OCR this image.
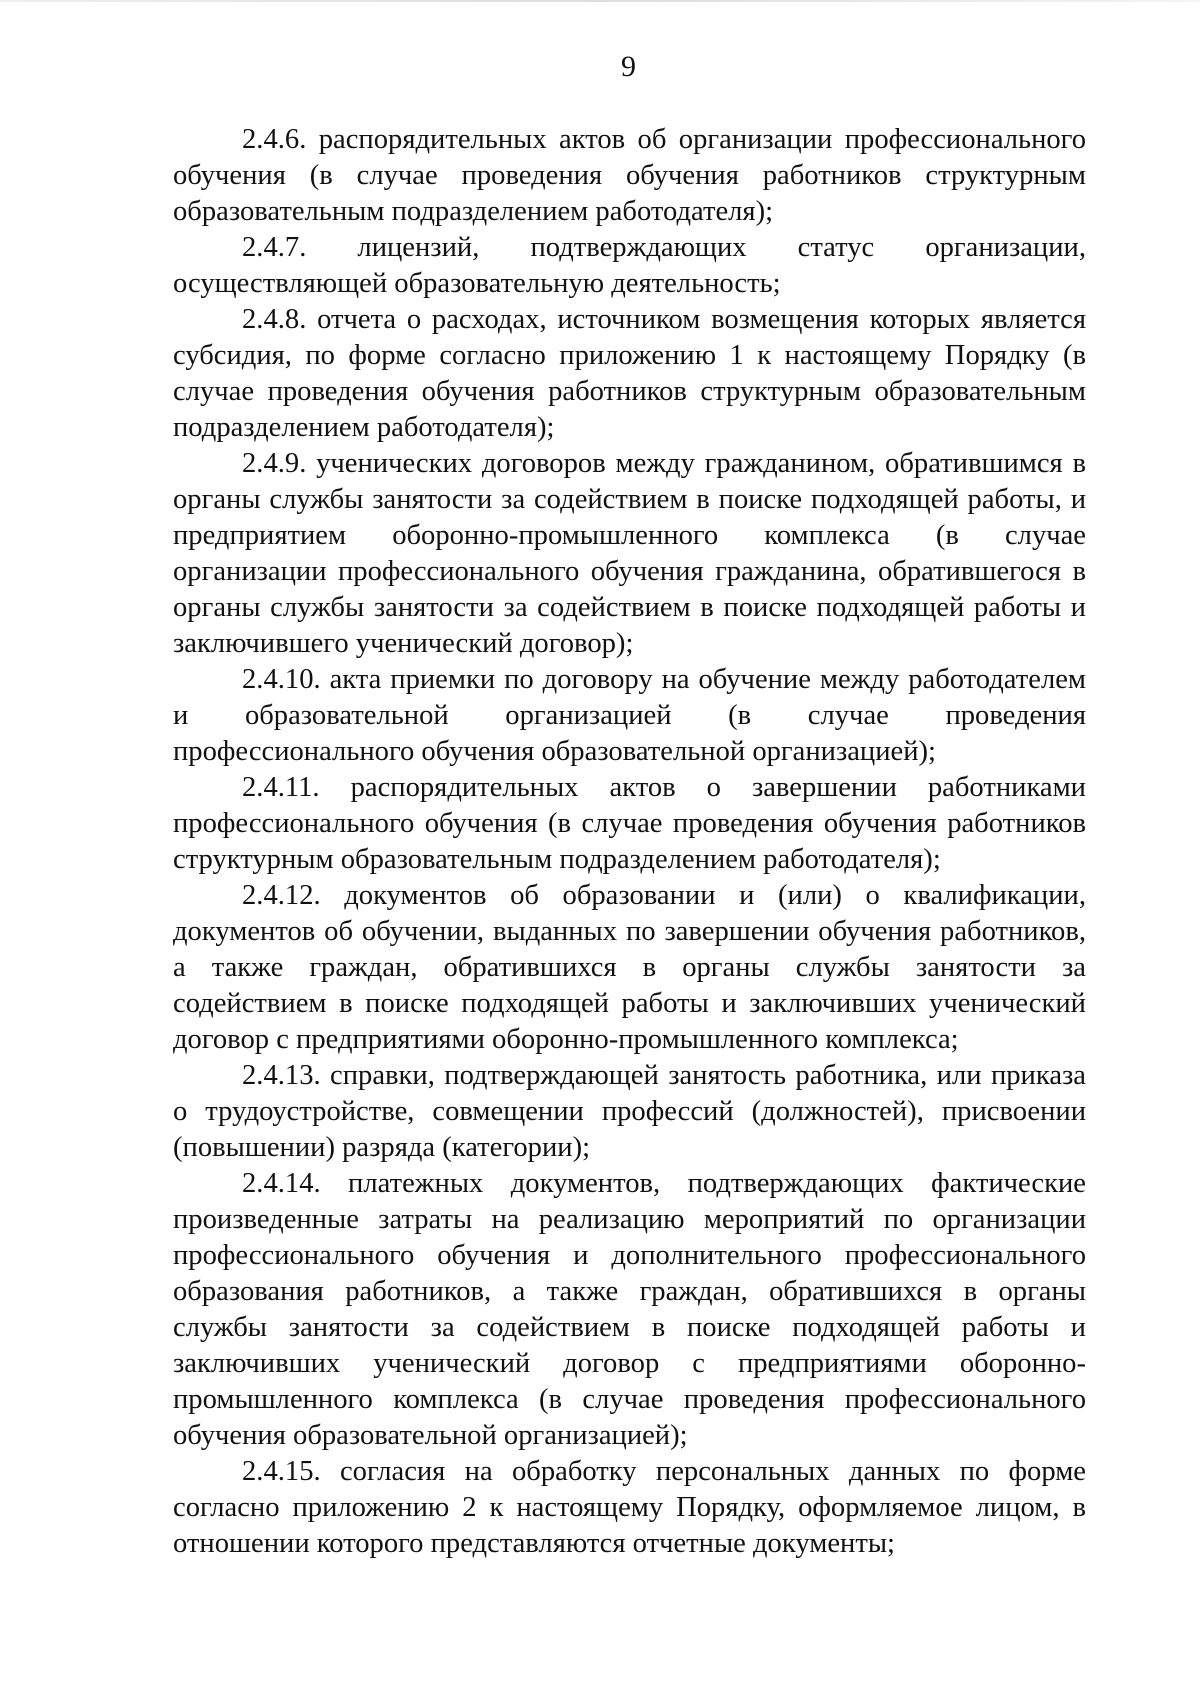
9

2.4.6. распорядительных актов об организации профессионального обучения (в случае проведения обучения работников структурным образовательным подразделением работодателя);

2.4.7. лицензий, подтверждающих статус организации, осуществляющей образовательную деятельность;

2.4.8. отчета о расходах, источником возмещения которых является субсидия, по форме согласно приложению 1 к настоящему Порядку (в случае проведения обучения работников структурным образовательным подразделением работодателя);

2.4.9. ученических договоров между гражданином, обратившимся в органы службы занятости за содействием в поиске подходящей работы, и предприятием оборонно-промышленного комплекса (в случае организации профессионального обучения гражданина, обратившегося в органы службы занятости за содействием в поиске подходящей работы и заключившего ученический договор);

2.4.10. акта приемки по договору на обучение между работодателем и образовательной организацией (в случае проведения профессионального обучения образовательной организацией);

2.4.11. распорядительных актов о завершении работниками профессионального обучения (в случае проведения обучения работников структурным образовательным подразделением работодателя);

2.4.12. документов об образовании и (или) о квалификации, документов об обучении, выданных по завершении обучения работников, а также граждан, обратившихся в органы службы занятости за содействием в поиске подходящей работы и заключивших ученический договор с предприятиями оборонно-промышленного комплекса;

2.4.13. справки, подтверждающей занятость работника, или приказа о трудоустройстве, совмещении профессий (должностей), присвоении (повышении) разряда (категории);

2.4.14. платежных документов, подтверждающих фактические произведенные затраты на реализацию мероприятий по организации профессионального обучения и дополнительного профессионального образования работников, а также граждан, обратившихся в органы службы занятости за содействием в поиске подходящей работы и заключивших ученический договор с предприятиями оборонно-промышленного комплекса (в случае проведения профессионального обучения образовательной организацией);

2.4.15. согласия на обработку персональных данных по форме согласно приложению 2 к настоящему Порядку, оформляемое лицом, в отношении которого представляются отчетные документы;
